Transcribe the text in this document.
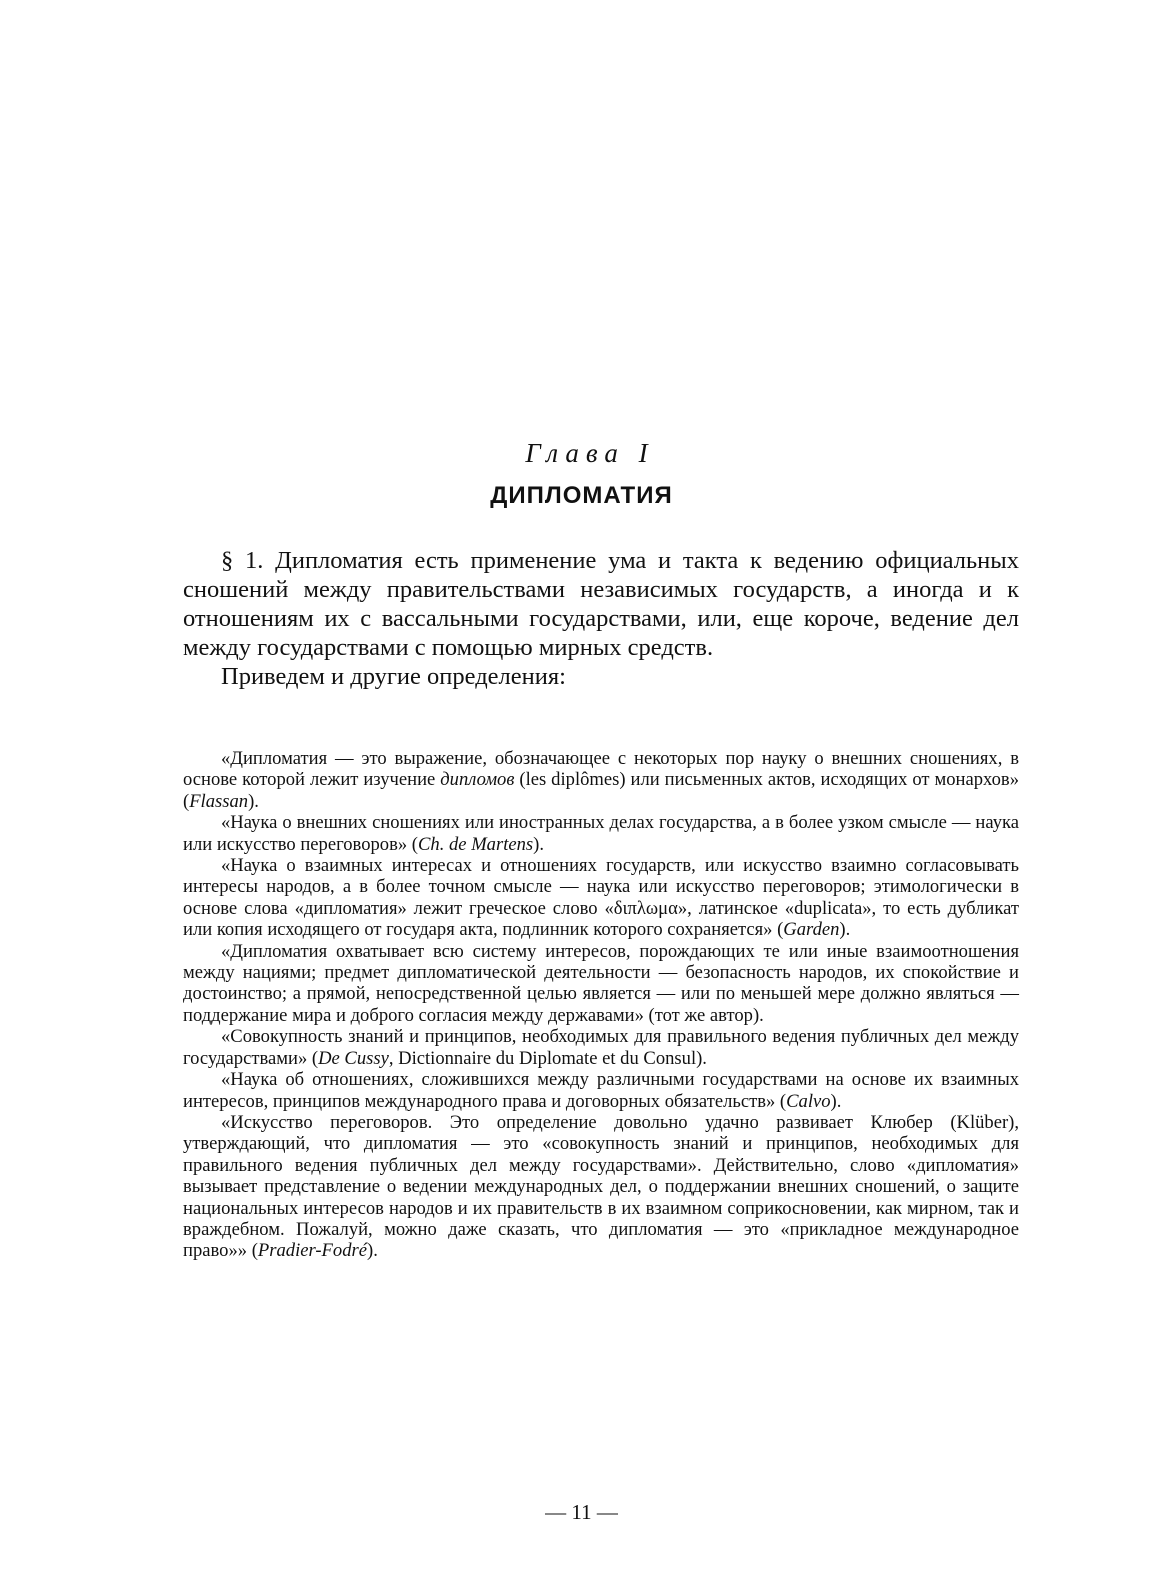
Глава I
ДИПЛОМАТИЯ

§ 1. Дипломатия есть применение ума и такта к ведению официальных сношений между правительствами независимых государств, а иногда и к отношениям их с вассальными государствами, или, еще короче, ведение дел между государствами с помощью мирных средств.

Приведем и другие определения:

«Дипломатия — это выражение, обозначающее с некоторых пор науку о внешних сношениях, в основе которой лежит изучение дипломов (les diplômes) или письменных актов, исходящих от монархов» (Flassan).

«Наука о внешних сношениях или иностранных делах государства, а в более узком смысле — наука или искусство переговоров» (Ch. de Martens).

«Наука о взаимных интересах и отношениях государств, или искусство взаимно согласовывать интересы народов, а в более точном смысле — наука или искусство переговоров; этимологически в основе слова «дипломатия» лежит греческое слово «διπλωμα», латинское «duplicata», то есть дубликат или копия исходящего от государя акта, подлинник которого сохраняется» (Garden).

«Дипломатия охватывает всю систему интересов, порождающих те или иные взаимоотношения между нациями; предмет дипломатической деятельности — безопасность народов, их спокойствие и достоинство; а прямой, непосредственной целью является — или по меньшей мере должно являться — поддержание мира и доброго согласия между державами» (тот же автор).

«Совокупность знаний и принципов, необходимых для правильного ведения публичных дел между государствами» (De Cussy, Dictionnaire du Diplomate et du Consul).

«Наука об отношениях, сложившихся между различными государствами на основе их взаимных интересов, принципов международного права и договорных обязательств» (Calvo).

«Искусство переговоров. Это определение довольно удачно развивает Клюбер (Klüber), утверждающий, что дипломатия — это «совокупность знаний и принципов, необходимых для правильного ведения публичных дел между государствами». Действительно, слово «дипломатия» вызывает представление о ведении международных дел, о поддержании внешних сношений, о защите национальных интересов народов и их правительств в их взаимном соприкосновении, как мирном, так и враждебном. Пожалуй, можно даже сказать, что дипломатия — это «прикладное международное право»» (Pradier-Fodré).

— 11 —
